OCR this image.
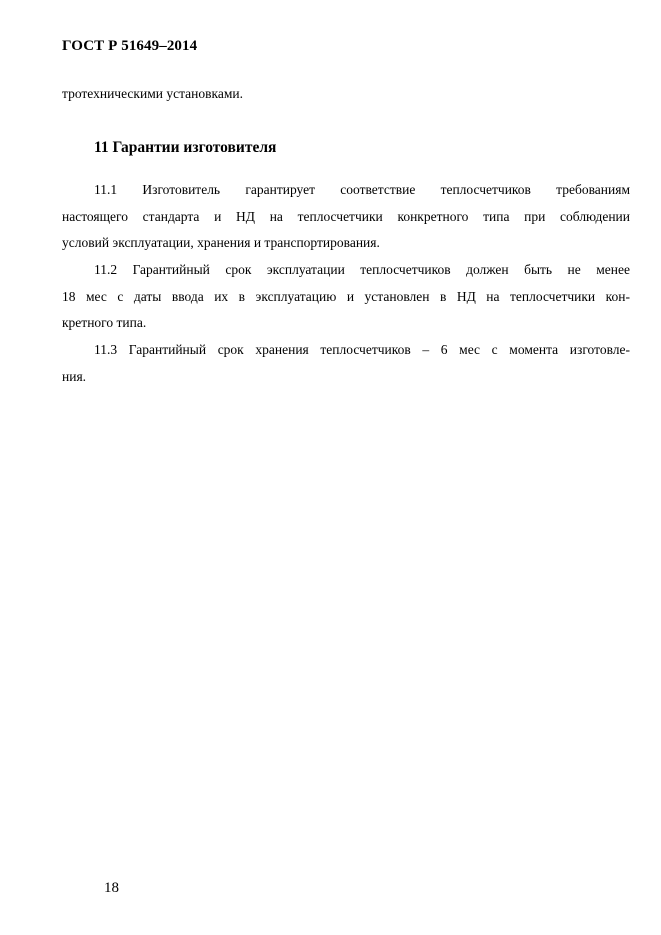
ГОСТ Р 51649–2014
тротехническими установками.
11 Гарантии изготовителя
11.1 Изготовитель гарантирует соответствие теплосчетчиков требованиям
настоящего стандарта и НД на теплосчетчики конкретного типа при соблюдении
условий эксплуатации, хранения и транспортирования.
11.2 Гарантийный срок эксплуатации теплосчетчиков должен быть не менее
18 мес с даты ввода их в эксплуатацию и установлен в НД на теплосчетчики кон-
кретного типа.
11.3 Гарантийный срок хранения теплосчетчиков – 6 мес с момента изготовле-
ния.
18
